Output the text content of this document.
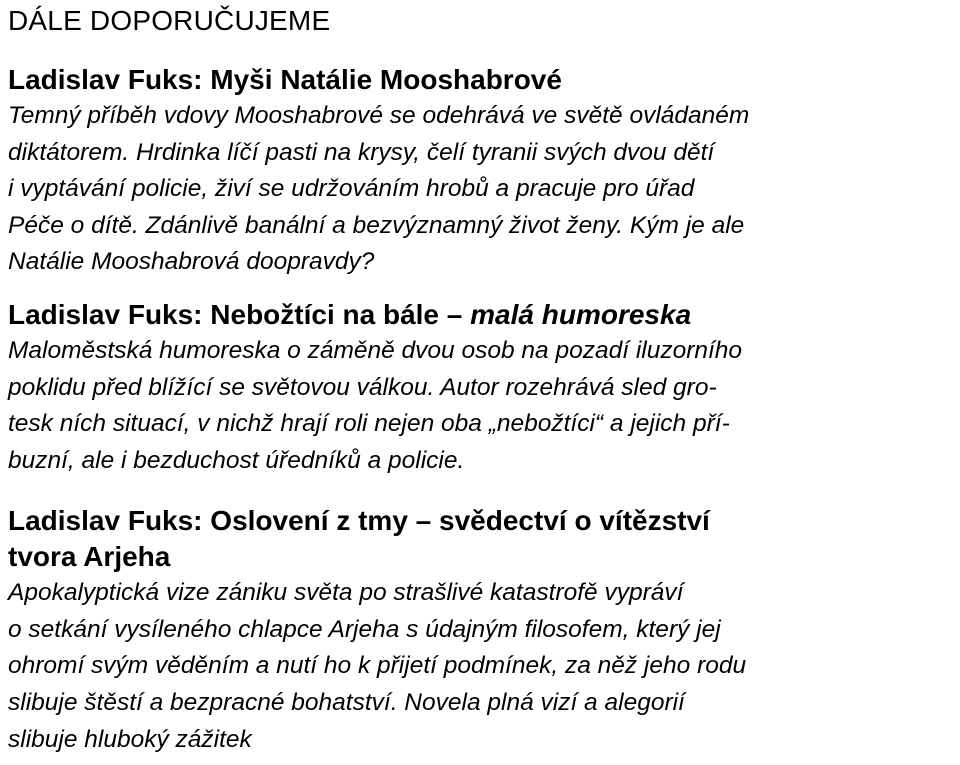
DÁLE DOPORUČUJEME

Ladislav Fuks: Myši Natálie Mooshabrové

Temný příběh vdovy Mooshabrové se odehrává ve světě ovládaném
diktátorem. Hrdinka líčí pasti na krysy, čelí tyranii svých dvou dětí
i vyptávání policie, živí se udržováním hrobů a pracuje pro úřad
Péče o dítě. Zdánlivě banální a bezvýznamný život ženy. Kým je ale
Natálie Mooshabrová doopravdy?

Ladislav Fuks: Nebožtíci na bále – malá humoreska

Maloměstská humoreska o záměně dvou osob na pozadí iluzorního
poklidu před blížící se světovou válkou. Autor rozehrává sled gro-
tesk ních situací, v nichž hrají roli nejen oba „nebožtíci“ a jejich pří-
buzní, ale i bezduchost úředníků a policie.

Ladislav Fuks: Oslovení z tmy – svědectví o vítězství
tvora Arjeha

Apokalyptická vize zániku světa po strašlivé katastrofě vypráví
o setkání vysíleného chlapce Arjeha s údajným filosofem, který jej
ohromí svým věděním a nutí ho k přijetí podmínek, za něž jeho rodu
slibuje štěstí a bezpracné bohatství. Novela plná vizí a alegorií
slibuje hluboký zážitek
